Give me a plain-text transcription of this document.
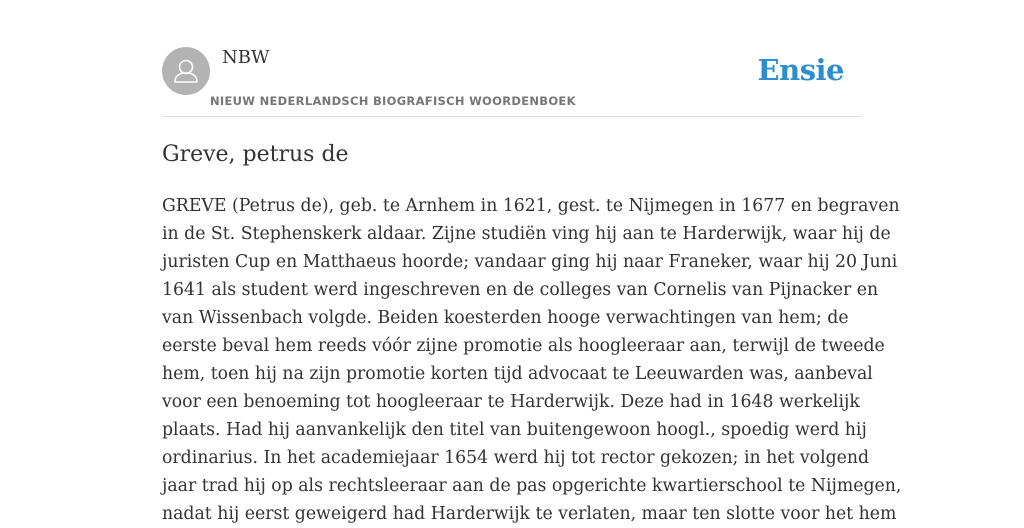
NBW
NIEUW NEDERLANDSCH BIOGRAFISCH WOORDENBOEK
Ensie
Greve, petrus de
GREVE (Petrus de), geb. te Arnhem in 1621, gest. te Nijmegen in 1677 en begraven
in de St. Stephenskerk aldaar. Zijne studiën ving hij aan te Harderwijk, waar hij de
juristen Cup en Matthaeus hoorde; vandaar ging hij naar Franeker, waar hij 20 Juni
1641 als student werd ingeschreven en de colleges van Cornelis van Pijnacker en
van Wissenbach volgde. Beiden koesterden hooge verwachtingen van hem; de
eerste beval hem reeds vóór zijne promotie als hoogleeraar aan, terwijl de tweede
hem, toen hij na zijn promotie korten tijd advocaat te Leeuwarden was, aanbeval
voor een benoeming tot hoogleeraar te Harderwijk. Deze had in 1648 werkelijk
plaats. Had hij aanvankelijk den titel van buitengewoon hoogl., spoedig werd hij
ordinarius. In het academiejaar 1654 werd hij tot rector gekozen; in het volgend
jaar trad hij op als rechtsleeraar aan de pas opgerichte kwartierschool te Nijmegen,
nadat hij eerst geweigerd had Harderwijk te verlaten, maar ten slotte voor het hem
